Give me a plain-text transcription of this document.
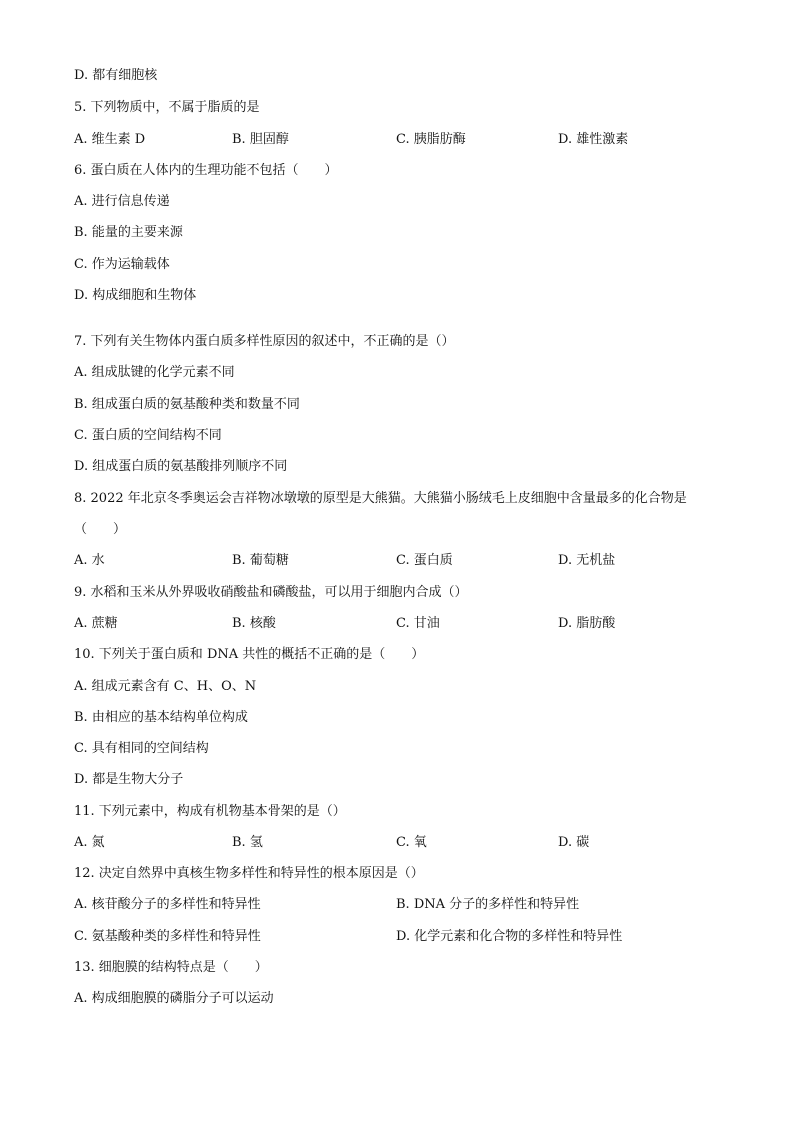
D. 都有细胞核
5. 下列物质中，不属于脂质的是
A. 维生素 D	B. 胆固醇	C. 胰脂肪酶	D. 雄性激素
6. 蛋白质在人体内的生理功能不包括（　　）
A. 进行信息传递
B. 能量的主要来源
C. 作为运输载体
D. 构成细胞和生物体
7. 下列有关生物体内蛋白质多样性原因的叙述中，不正确的是（）
A. 组成肽键的化学元素不同
B. 组成蛋白质的氨基酸种类和数量不同
C. 蛋白质的空间结构不同
D. 组成蛋白质的氨基酸排列顺序不同
8. 2022 年北京冬季奥运会吉祥物冰墩墩的原型是大熊猫。大熊猫小肠绒毛上皮细胞中含量最多的化合物是
（　　）
A. 水	B. 葡萄糖	C. 蛋白质	D. 无机盐
9. 水稻和玉米从外界吸收硝酸盐和磷酸盐，可以用于细胞内合成（）
A. 蔗糖	B. 核酸	C. 甘油	D. 脂肪酸
10. 下列关于蛋白质和 DNA 共性的概括不正确的是（　　）
A. 组成元素含有 C、H、O、N
B. 由相应的基本结构单位构成
C. 具有相同的空间结构
D. 都是生物大分子
11. 下列元素中，构成有机物基本骨架的是（）
A. 氮	B. 氢	C. 氧	D. 碳
12. 决定自然界中真核生物多样性和特异性的根本原因是（）
A. 核苷酸分子的多样性和特异性	B. DNA 分子的多样性和特异性
C. 氨基酸种类的多样性和特异性	D. 化学元素和化合物的多样性和特异性
13. 细胞膜的结构特点是（　　）
A. 构成细胞膜的磷脂分子可以运动
